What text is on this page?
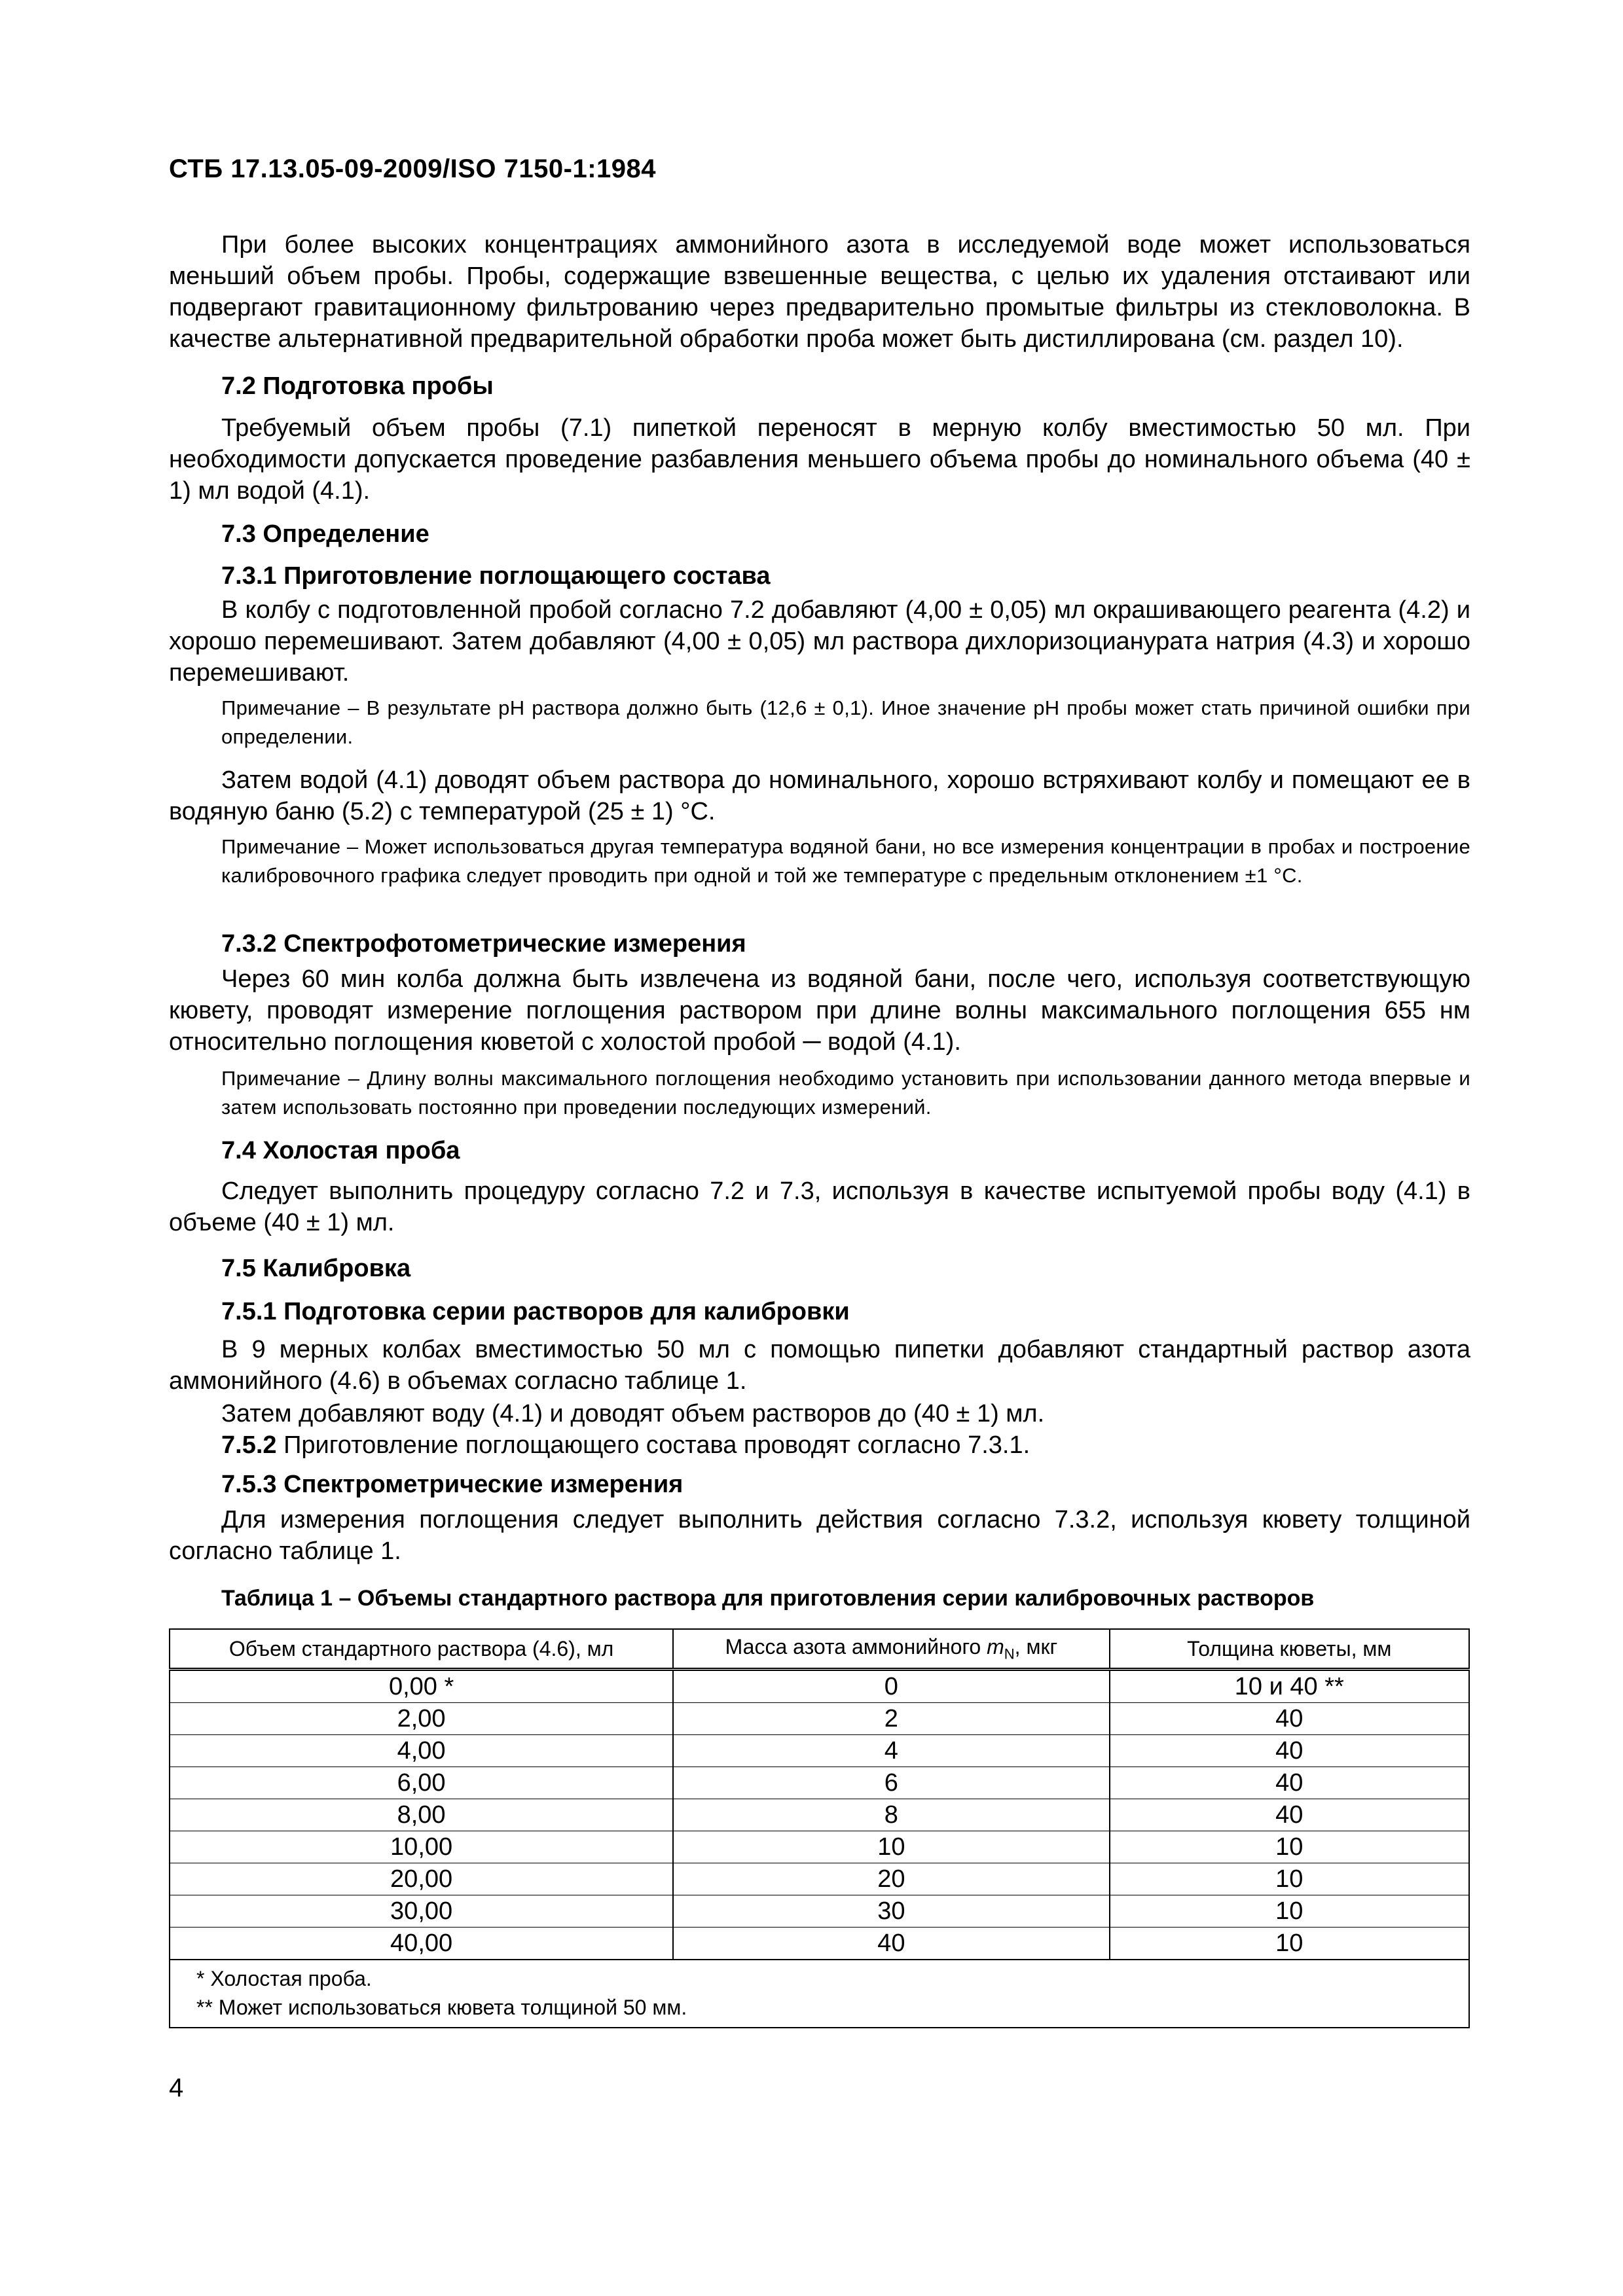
СТБ 17.13.05-09-2009/ISO 7150-1:1984
При более высоких концентрациях аммонийного азота в исследуемой воде может использоваться меньший объем пробы. Пробы, содержащие взвешенные вещества, с целью их удаления отстаивают или подвергают гравитационному фильтрованию через предварительно промытые фильтры из стекловолокна. В качестве альтернативной предварительной обработки проба может быть дистиллирована (см. раздел 10).
7.2 Подготовка пробы
Требуемый объем пробы (7.1) пипеткой переносят в мерную колбу вместимостью 50 мл. При необходимости допускается проведение разбавления меньшего объема пробы до номинального объема (40 ± 1) мл водой (4.1).
7.3 Определение
7.3.1 Приготовление поглощающего состава
В колбу с подготовленной пробой согласно 7.2 добавляют (4,00 ± 0,05) мл окрашивающего реагента (4.2) и хорошо перемешивают. Затем добавляют (4,00 ± 0,05) мл раствора дихлоризоциануратa натрия (4.3) и хорошо перемешивают.
Примечание – В результате pH раствора должно быть (12,6 ± 0,1). Иное значение pH пробы может стать причиной ошибки при определении.
Затем водой (4.1) доводят объем раствора до номинального, хорошо встряхивают колбу и помещают ее в водяную баню (5.2) с температурой (25 ± 1) °С.
Примечание – Может использоваться другая температура водяной бани, но все измерения концентрации в пробах и построение калибровочного графика следует проводить при одной и той же температуре с предельным отклонением ±1 °С.
7.3.2 Спектрофотометрические измерения
Через 60 мин колба должна быть извлечена из водяной бани, после чего, используя соответствующую кювету, проводят измерение поглощения раствором при длине волны максимального поглощения 655 нм относительно поглощения кюветой с холостой пробой ─ водой (4.1).
Примечание – Длину волны максимального поглощения необходимо установить при использовании данного метода впервые и затем использовать постоянно при проведении последующих измерений.
7.4 Холостая проба
Следует выполнить процедуру согласно 7.2 и 7.3, используя в качестве испытуемой пробы воду (4.1) в объеме (40 ± 1) мл.
7.5 Калибровка
7.5.1 Подготовка серии растворов для калибровки
В 9 мерных колбах вместимостью 50 мл с помощью пипетки добавляют стандартный раствор азота аммонийного (4.6) в объемах согласно таблице 1.
Затем добавляют воду (4.1) и доводят объем растворов до (40 ± 1) мл.
7.5.2 Приготовление поглощающего состава проводят согласно 7.3.1.
7.5.3 Спектрометрические измерения
Для измерения поглощения следует выполнить действия согласно 7.3.2, используя кювету толщиной согласно таблице 1.
Таблица 1 – Объемы стандартного раствора для приготовления серии калибровочных растворов
Объем стандартного раствора (4.6), мл	Масса азота аммонийного $m_N$, мкг	Толщина кюветы, мм
0,00 *	0	10 и 40 **
2,00	2	40
4,00	4	40
6,00	6	40
8,00	8	40
10,00	10	10
20,00	20	10
30,00	30	10
40,00	40	10

* Холостая проба.
** Может использоваться кювета толщиной 50 мм.		
4
